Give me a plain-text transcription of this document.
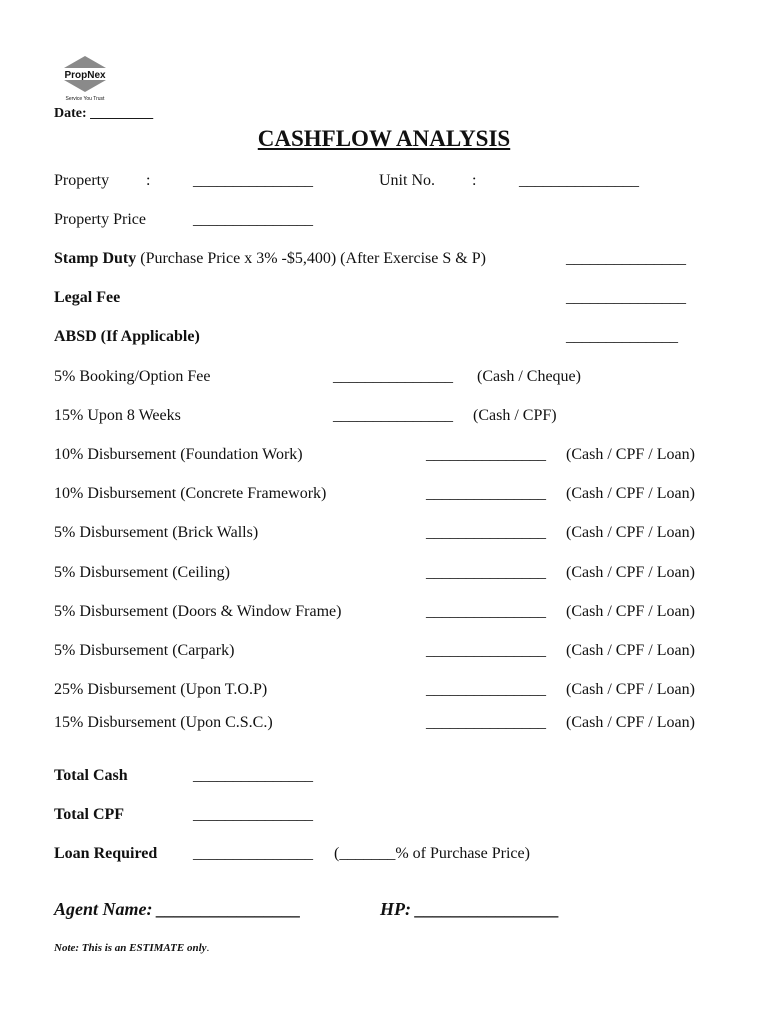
PropNex
Service You Trust
Date: _________
CASHFLOW ANALYSIS
Property :	_______________	Unit No. :	_______________
Property Price	_______________
Stamp Duty (Purchase Price x 3% -$5,400) (After Exercise S & P)	_______________
Legal Fee	_______________
ABSD (If Applicable)	______________
5% Booking/Option Fee	_______________ (Cash / Cheque)
15% Upon 8 Weeks	_______________ (Cash / CPF)
10% Disbursement (Foundation Work)	_______________ (Cash / CPF / Loan)
10% Disbursement (Concrete Framework)	_______________ (Cash / CPF / Loan)
5% Disbursement (Brick Walls)	_______________ (Cash / CPF / Loan)
5% Disbursement (Ceiling)	_______________ (Cash / CPF / Loan)
5% Disbursement (Doors & Window Frame)	_______________ (Cash / CPF / Loan)
5% Disbursement (Carpark)	_______________ (Cash / CPF / Loan)
25% Disbursement (Upon T.O.P)	_______________ (Cash / CPF / Loan)
15% Disbursement (Upon C.S.C.)	_______________ (Cash / CPF / Loan)
Total Cash	_______________
Total CPF	_______________
Loan Required _______________ (_______% of Purchase Price)
Agent Name: ________________	HP: ________________
Note: This is an ESTIMATE only.
